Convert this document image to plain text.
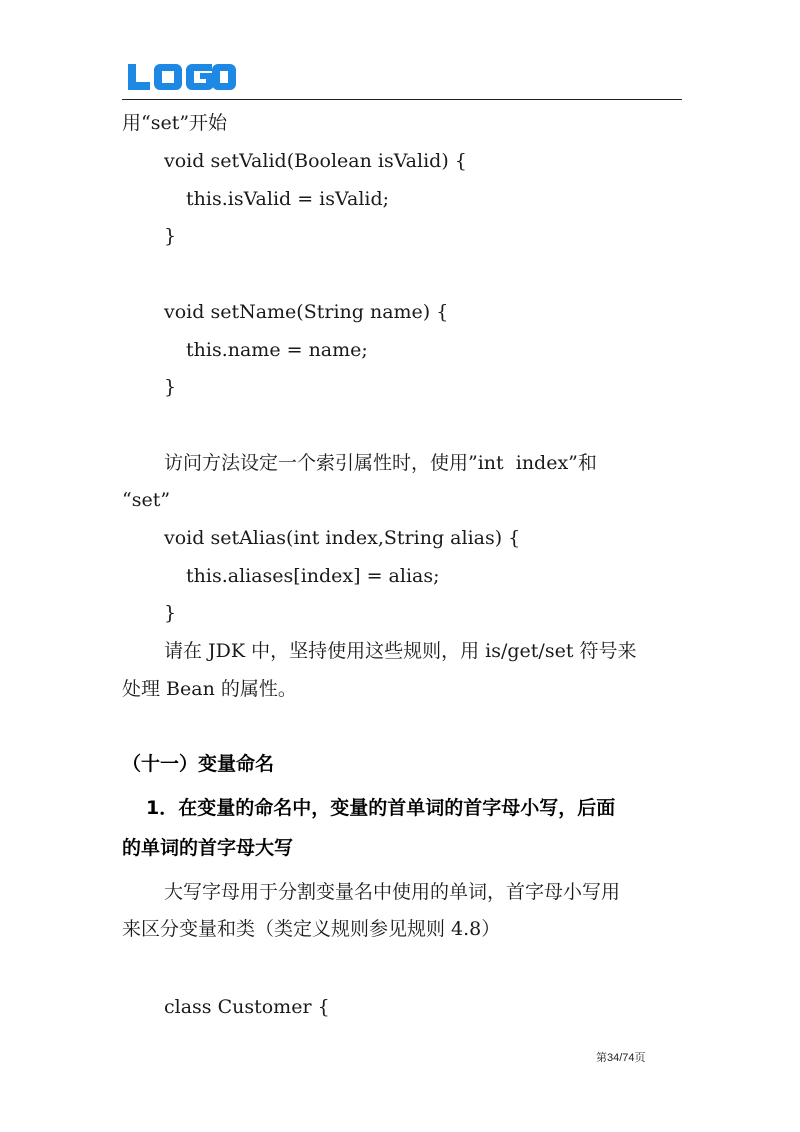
用“set”开始
void setValid(Boolean isValid) {
this.isValid = isValid;
}
void setName(String name) {
this.name = name;
}
访问方法设定一个索引属性时，使用”int  index”和
“set”
void setAlias(int index,String alias) {
this.aliases[index] = alias;
}
请在 JDK 中，坚持使用这些规则，用 is/get/set 符号来
处理 Bean 的属性。
（十一）变量命名
1．在变量的命名中，变量的首单词的首字母小写，后面
的单词的首字母大写
大写字母用于分割变量名中使用的单词，首字母小写用
来区分变量和类（类定义规则参见规则 4.8）
class Customer {
第34/74页
